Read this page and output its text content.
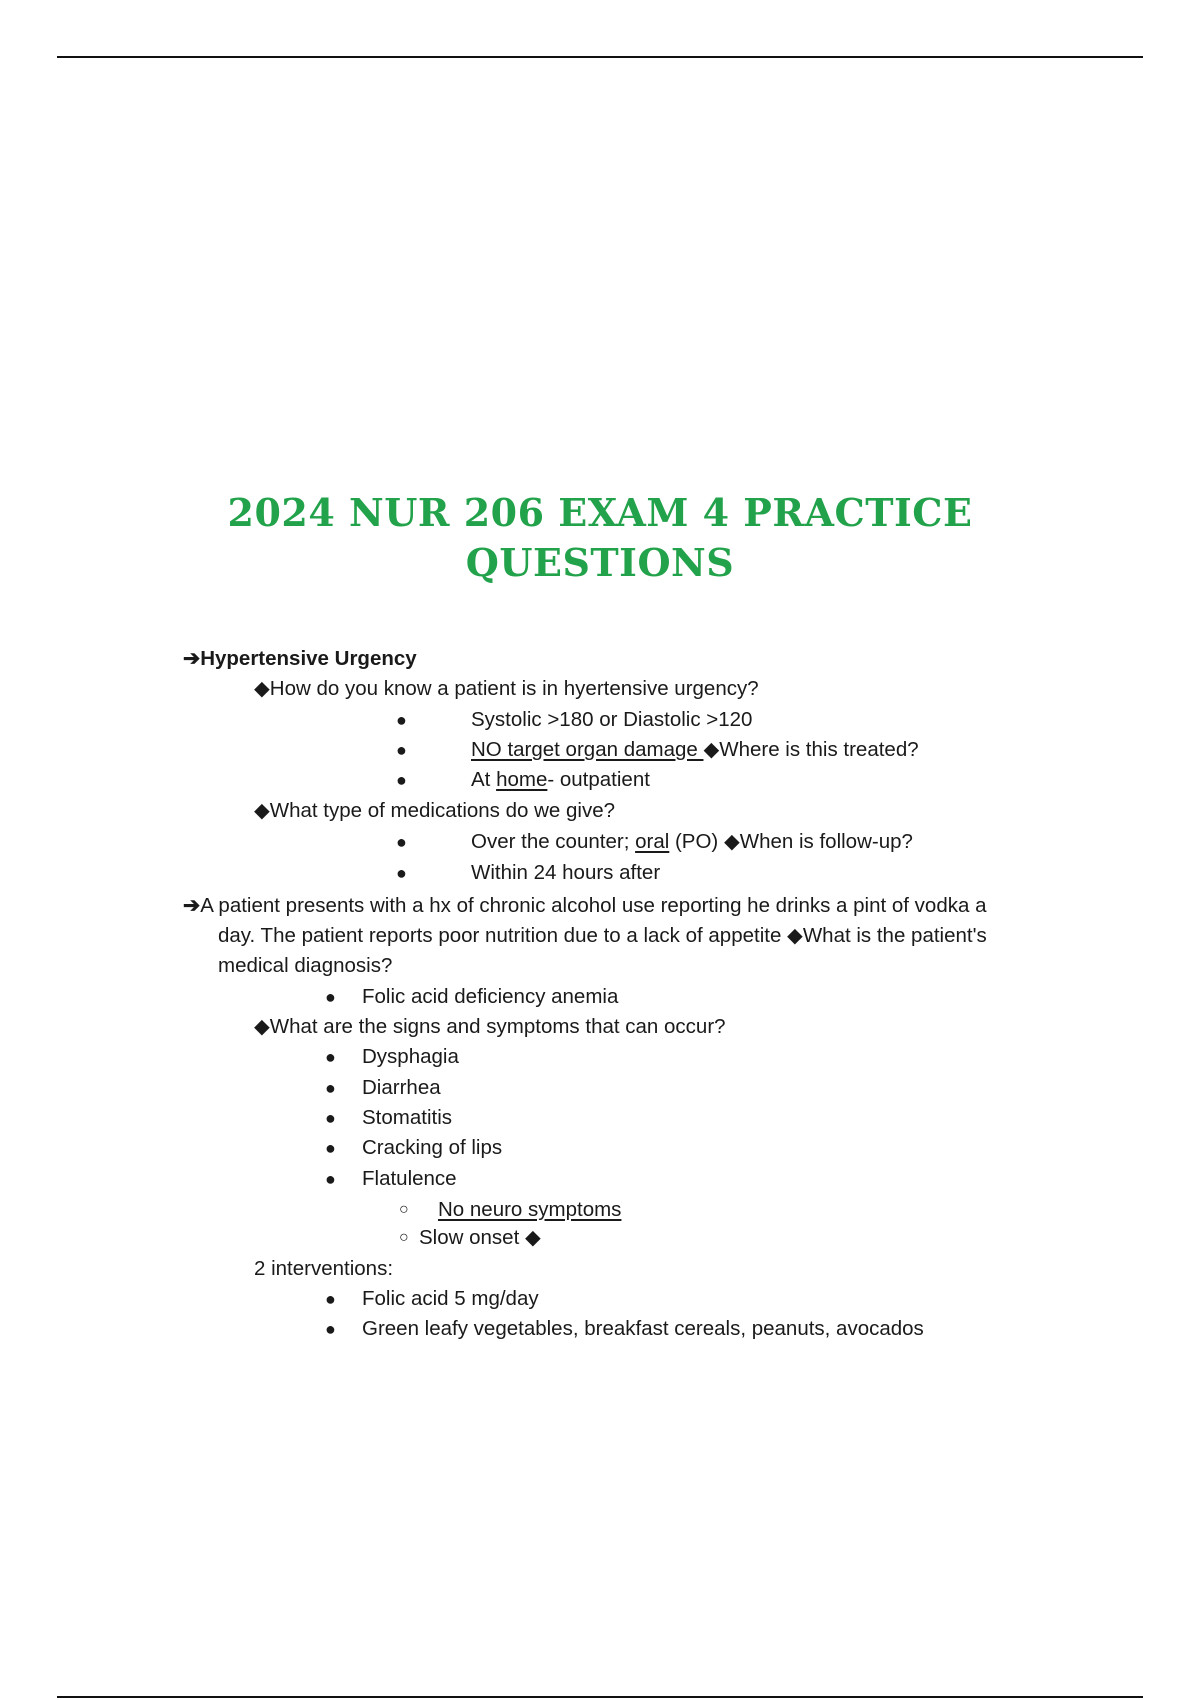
2024 NUR 206 EXAM 4 PRACTICE
QUESTIONS
➔Hypertensive Urgency
◆How do you know a patient is in hyertensive urgency?
●	Systolic >180 or Diastolic >120
●	NO target organ damage ◆Where is this treated?
●	At home- outpatient
◆What type of medications do we give?
●	Over the counter; oral (PO) ◆When is follow-up?
●	Within 24 hours after
➔A patient presents with a hx of chronic alcohol use reporting he drinks a pint of vodka a
day. The patient reports poor nutrition due to a lack of appetite ◆What is the patient's
medical diagnosis?
● Folic acid deficiency anemia
◆What are the signs and symptoms that can occur?
● Dysphagia
● Diarrhea
● Stomatitis
● Cracking of lips
● Flatulence
○ No neuro symptoms
○ Slow onset ◆
2 interventions:
● Folic acid 5 mg/day
● Green leafy vegetables, breakfast cereals, peanuts, avocados
